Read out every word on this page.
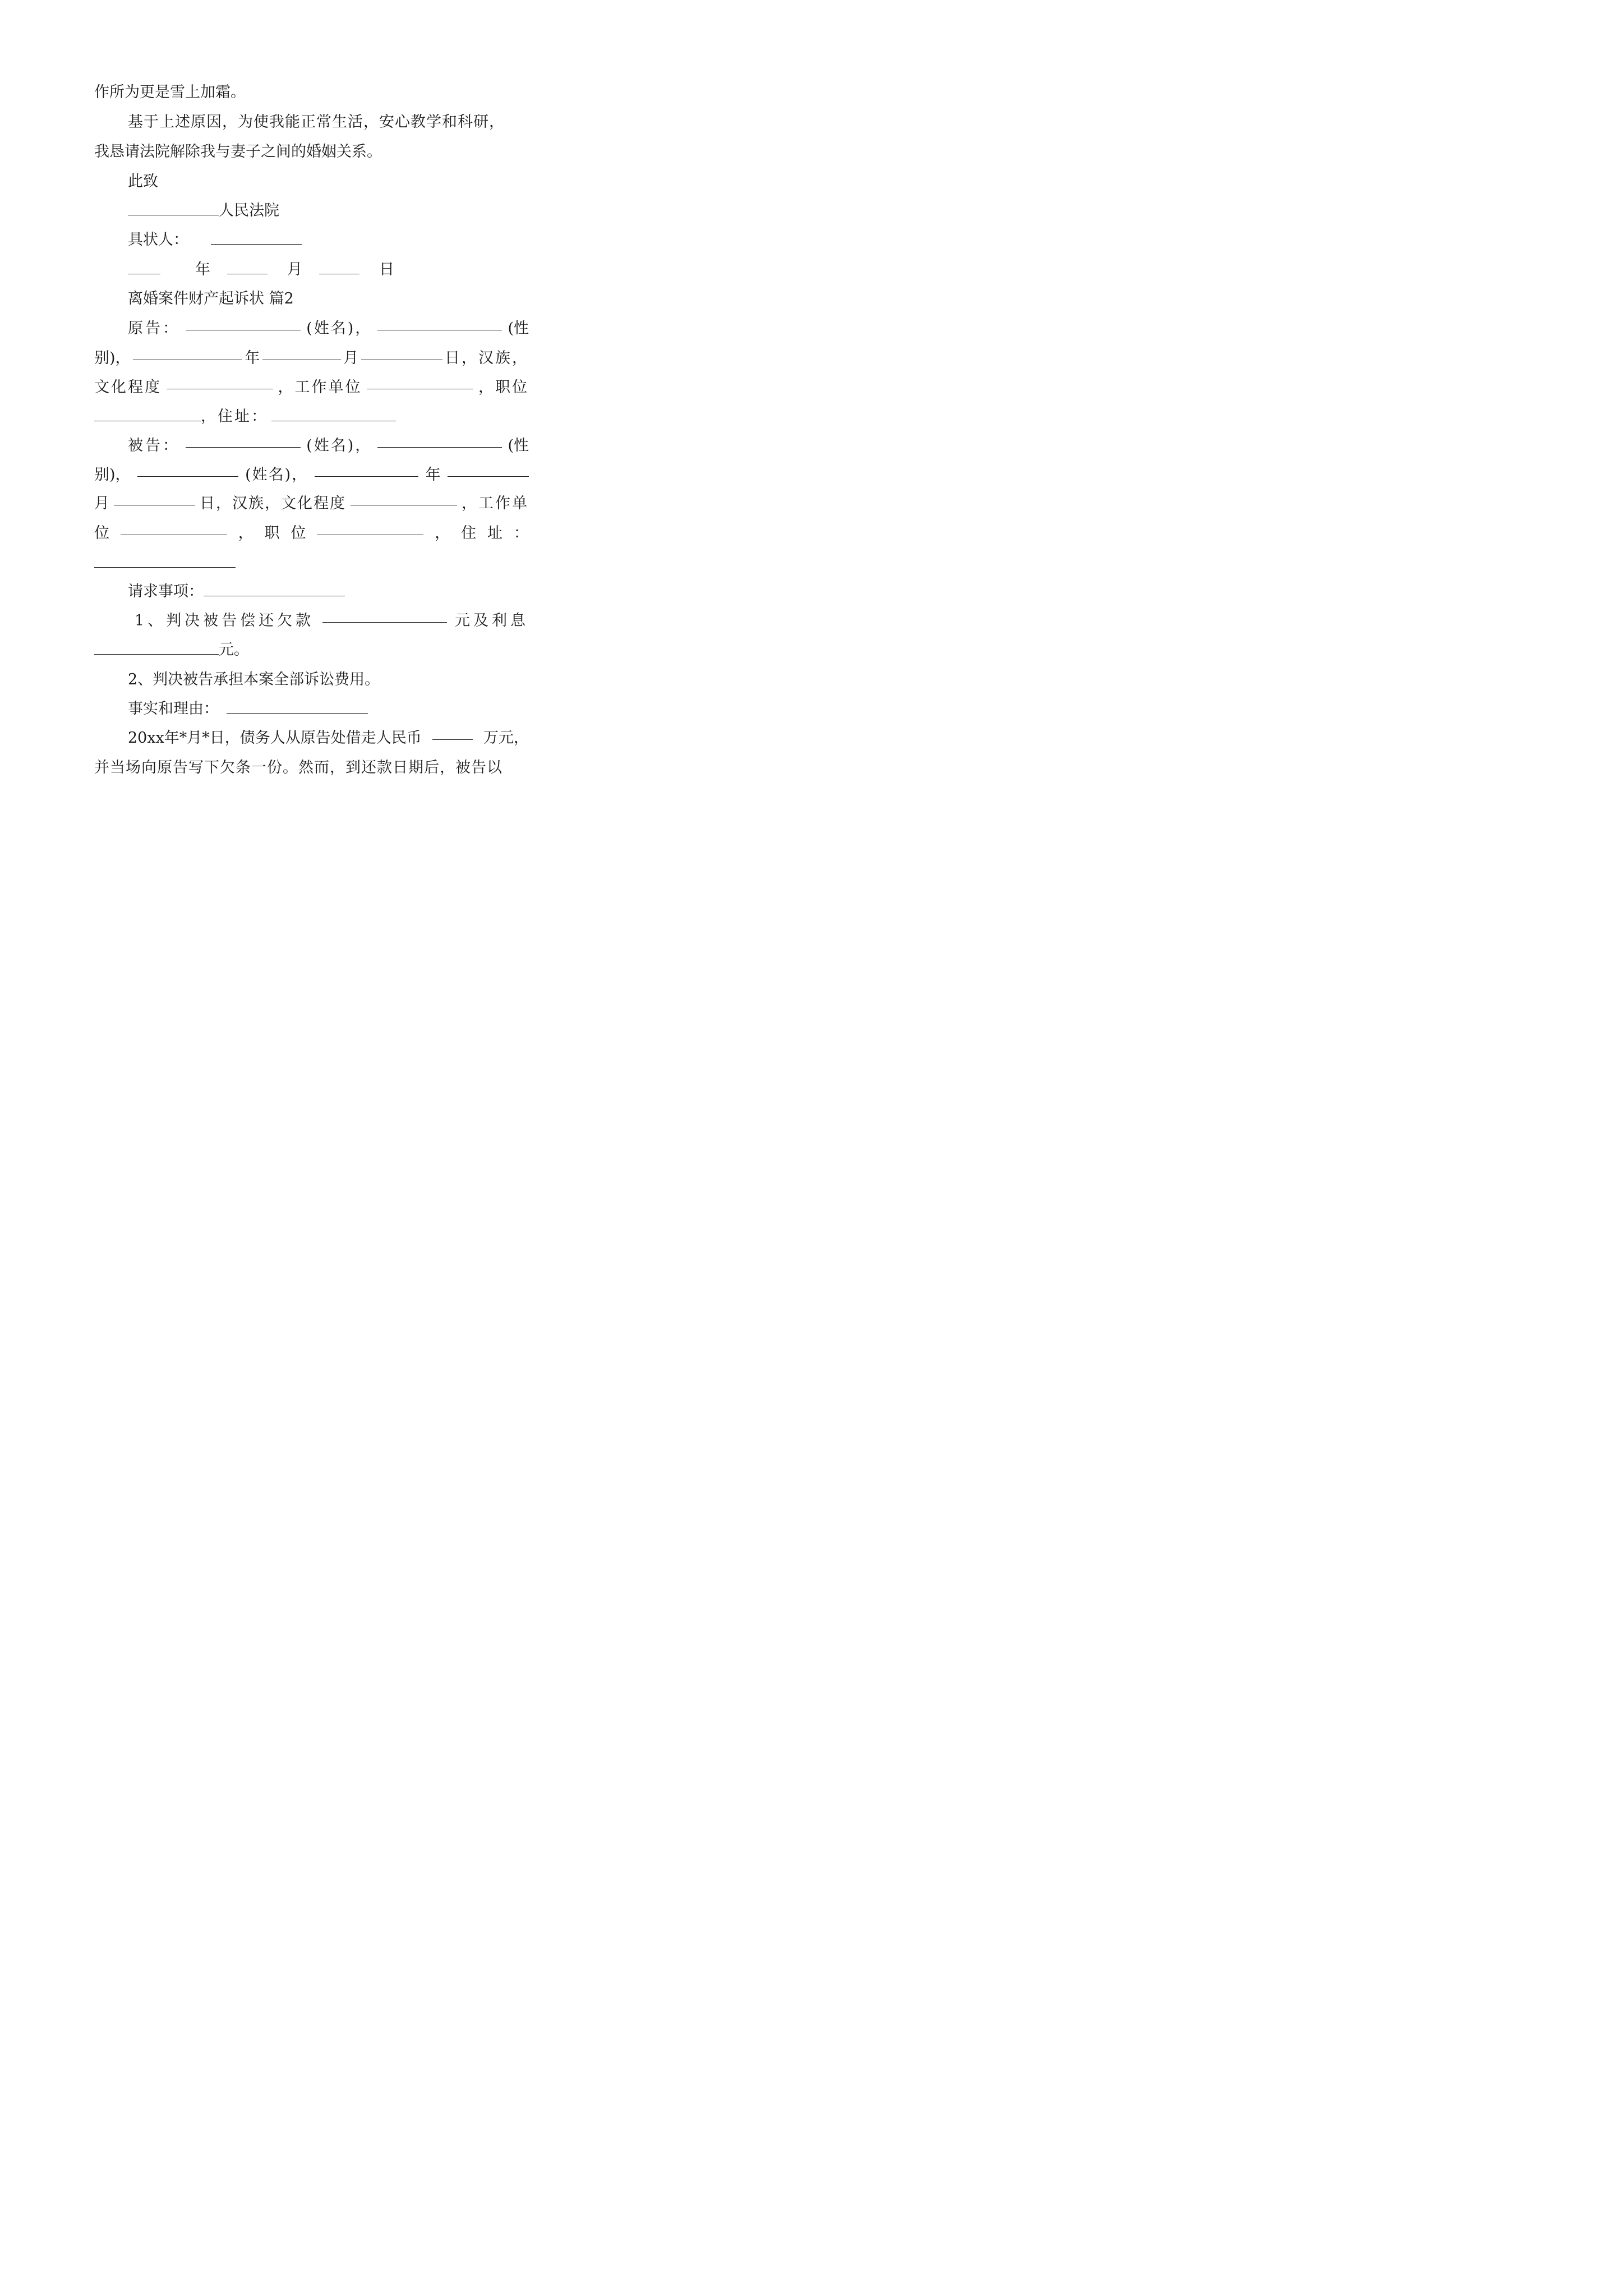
作所为更是雪上加霜。
基于上述原因，为使我能正常生活，安心教学和科研，
我恳请法院解除我与妻子之间的婚姻关系。
此致
人民法院
具状人：
年	月	日
离婚案件财产起诉状 篇2
原告：	(姓名)，	(性
别)，	年	月	日，汉族，
文化程度	，工作单位	，职位
，住址：
被告：	(姓名)，	(性
别)，	(姓名)，	年
月	日，汉族，文化程度	，工作单
位	， 职 位	， 住 址 ：
请求事项：
1、判决被告偿还欠款	元及利息
元。
2、判决被告承担本案全部诉讼费用。
事实和理由：
20xx年*月*日，债务人从原告处借走人民币	万元，
并当场向原告写下欠条一份。然而，到还款日期后，被告以
